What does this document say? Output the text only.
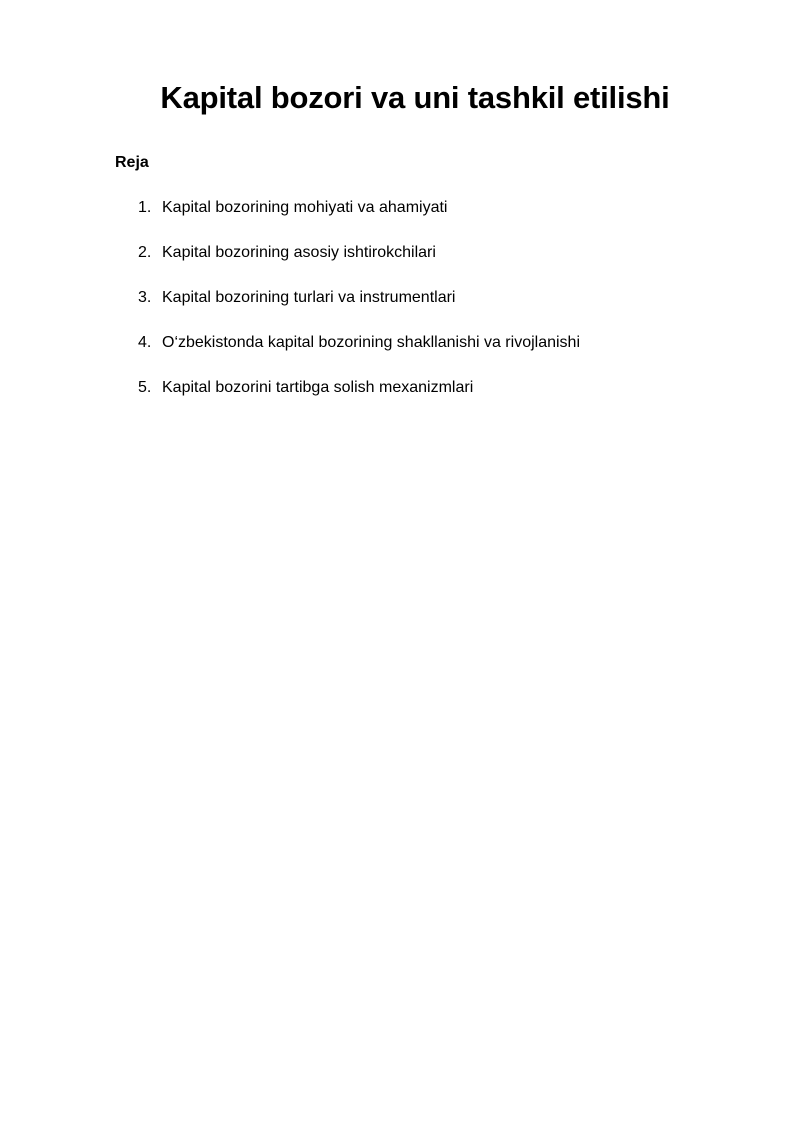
Kapital bozori va uni tashkil etilishi
Reja
1. Kapital bozorining mohiyati va ahamiyati
2. Kapital bozorining asosiy ishtirokchilari
3. Kapital bozorining turlari va instrumentlari
4. O‘zbekistonda kapital bozorining shakllanishi va rivojlanishi
5. Kapital bozorini tartibga solish mexanizmlari
